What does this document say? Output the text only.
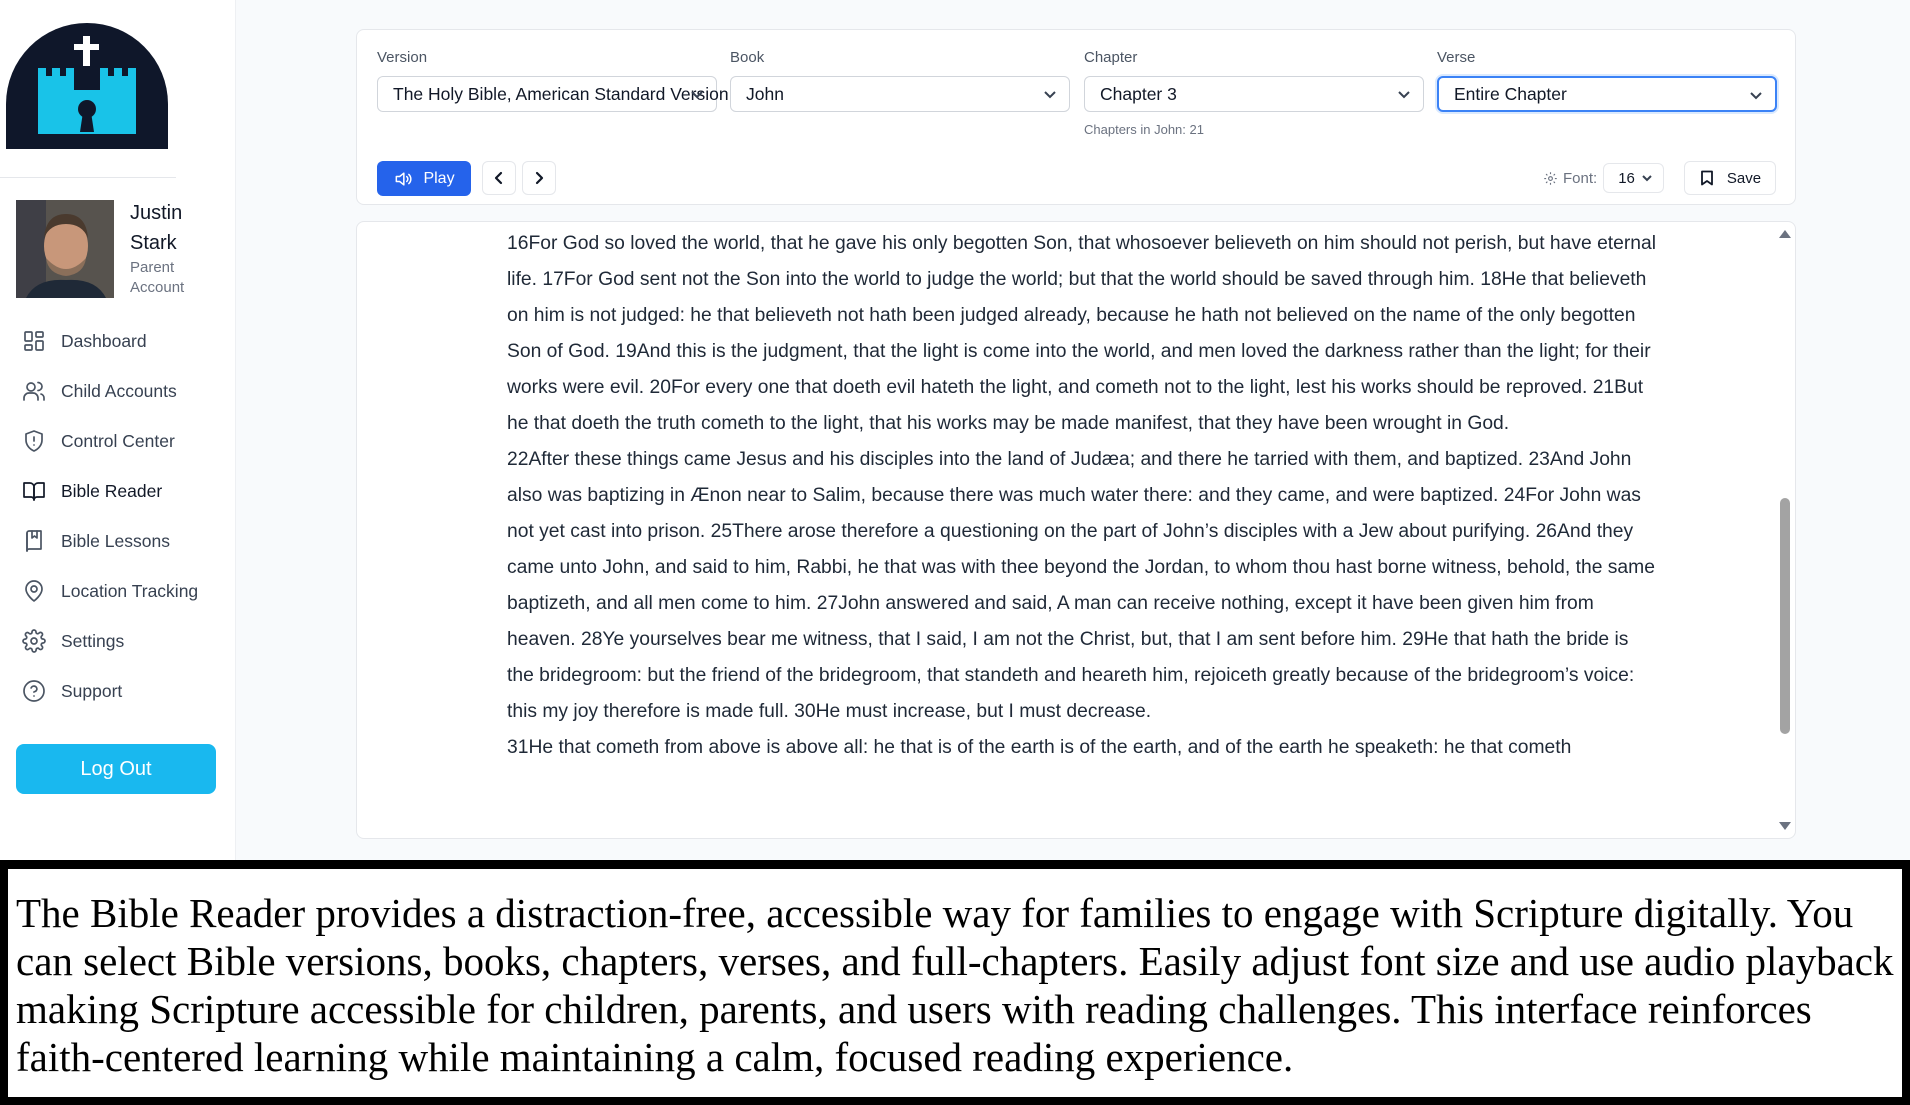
Justin Stark
Parent Account
Dashboard
Child Accounts
Control Center
Bible Reader
Bible Lessons
Location Tracking
Settings
Support
Log Out
Version
The Holy Bible, American Standard Version
Book
John
Chapter
Chapter 3
Chapters in John: 21
Verse
Entire Chapter
Play	Font: 16	Save

16For God so loved the world, that he gave his only begotten Son, that whosoever believeth on him should not perish, but have eternal life. 17For God sent not the Son into the world to judge the world; but that the world should be saved through him. 18He that believeth on him is not judged: he that believeth not hath been judged already, because he hath not believed on the name of the only begotten Son of God. 19And this is the judgment, that the light is come into the world, and men loved the darkness rather than the light; for their works were evil. 20For every one that doeth evil hateth the light, and cometh not to the light, lest his works should be reproved. 21But he that doeth the truth cometh to the light, that his works may be made manifest, that they have been wrought in God.

22After these things came Jesus and his disciples into the land of Judæa; and there he tarried with them, and baptized. 23And John also was baptizing in Ænon near to Salim, because there was much water there: and they came, and were baptized. 24For John was not yet cast into prison. 25There arose therefore a questioning on the part of John’s disciples with a Jew about purifying. 26And they came unto John, and said to him, Rabbi, he that was with thee beyond the Jordan, to whom thou hast borne witness, behold, the same baptizeth, and all men come to him. 27John answered and said, A man can receive nothing, except it have been given him from heaven. 28Ye yourselves bear me witness, that I said, I am not the Christ, but, that I am sent before him. 29He that hath the bride is the bridegroom: but the friend of the bridegroom, that standeth and heareth him, rejoiceth greatly because of the bridegroom’s voice: this my joy therefore is made full. 30He must increase, but I must decrease.

31He that cometh from above is above all: he that is of the earth is of the earth, and of the earth he speaketh: he that cometh

The Bible Reader provides a distraction-free, accessible way for families to engage with Scripture digitally. You can select Bible versions, books, chapters, verses, and full-chapters. Easily adjust font size and use audio playback making Scripture accessible for children, parents, and users with reading challenges. This interface reinforces faith-centered learning while maintaining a calm, focused reading experience.
